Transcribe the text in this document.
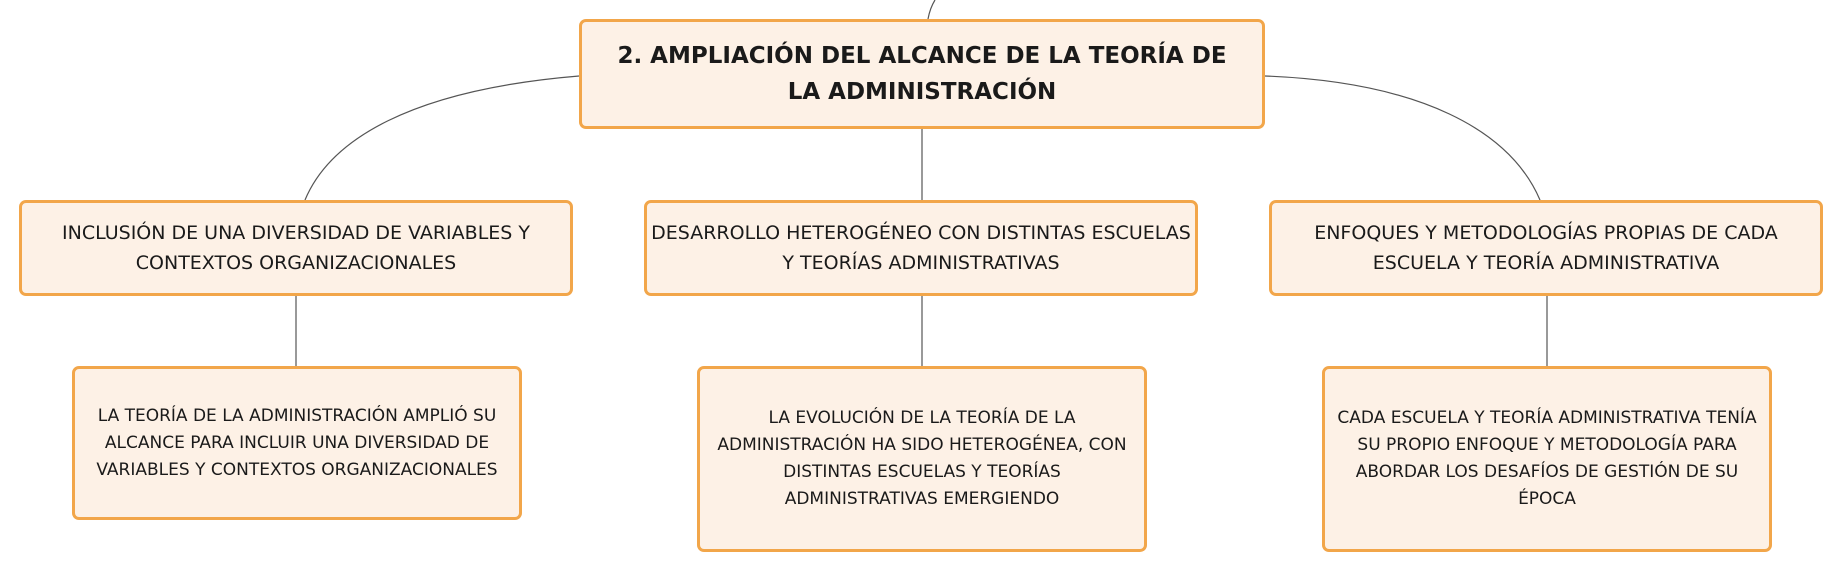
2. AMPLIACIÓN DEL ALCANCE DE LA TEORÍA DE LA ADMINISTRACIÓN
INCLUSIÓN DE UNA DIVERSIDAD DE VARIABLES Y CONTEXTOS ORGANIZACIONALES
DESARROLLO HETEROGÉNEO CON DISTINTAS ESCUELAS Y TEORÍAS ADMINISTRATIVAS
ENFOQUES Y METODOLOGÍAS PROPIAS DE CADA ESCUELA Y TEORÍA ADMINISTRATIVA
LA TEORÍA DE LA ADMINISTRACIÓN AMPLIÓ SU ALCANCE PARA INCLUIR UNA DIVERSIDAD DE VARIABLES Y CONTEXTOS ORGANIZACIONALES
LA EVOLUCIÓN DE LA TEORÍA DE LA ADMINISTRACIÓN HA SIDO HETEROGÉNEA, CON DISTINTAS ESCUELAS Y TEORÍAS ADMINISTRATIVAS EMERGIENDO
CADA ESCUELA Y TEORÍA ADMINISTRATIVA TENÍA SU PROPIO ENFOQUE Y METODOLOGÍA PARA ABORDAR LOS DESAFÍOS DE GESTIÓN DE SU ÉPOCA
